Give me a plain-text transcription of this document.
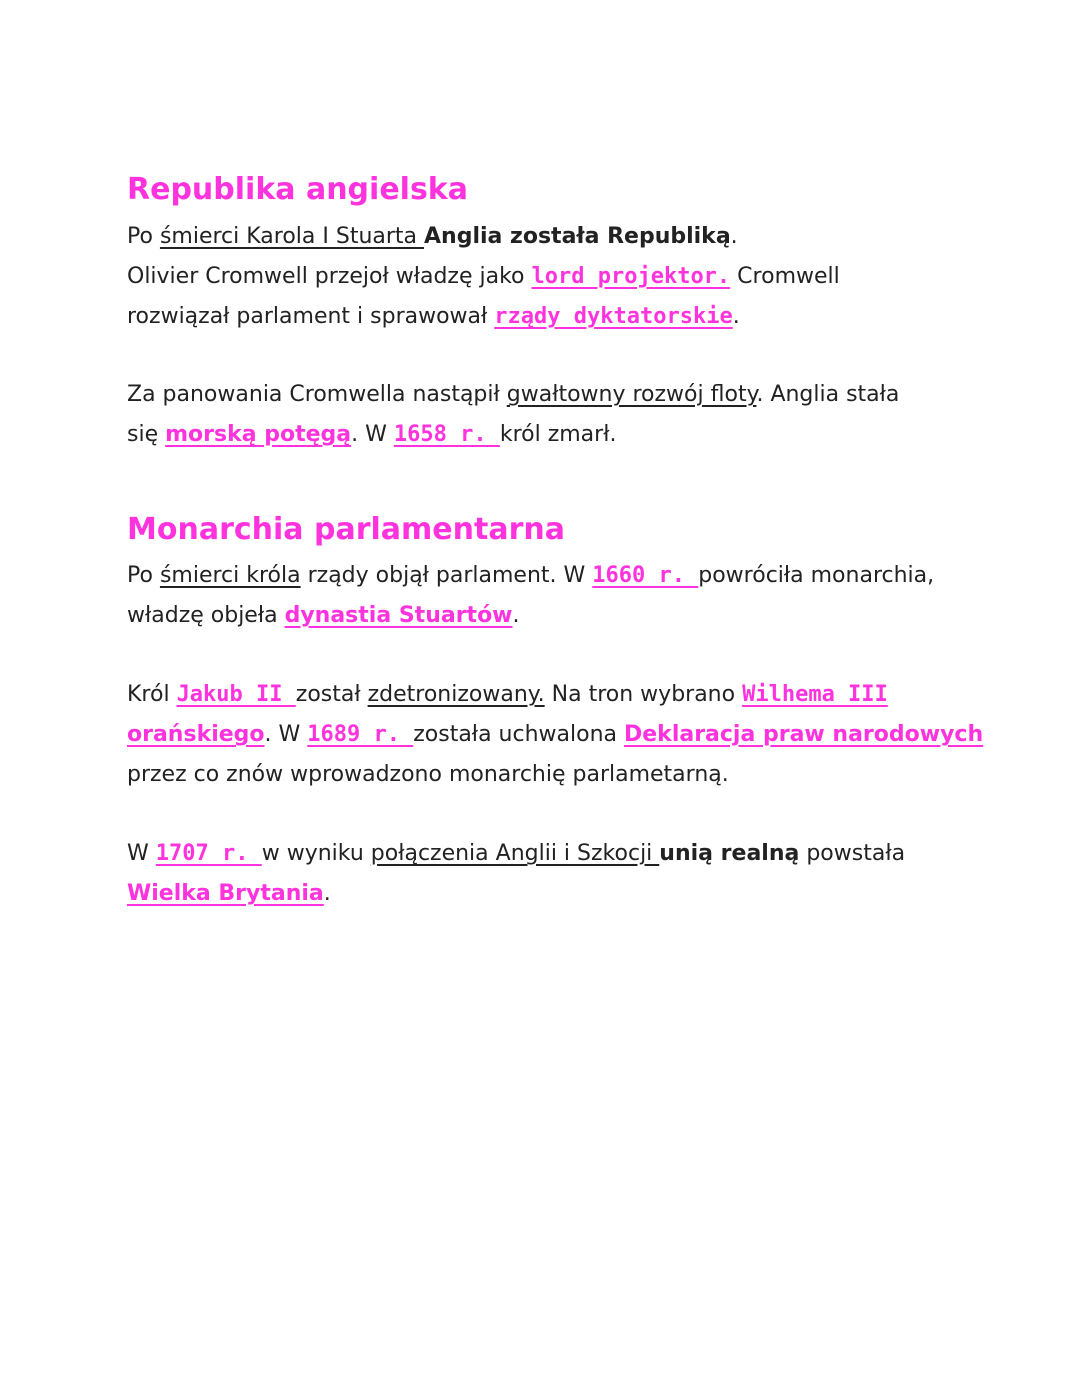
Republika angielska
Po śmierci Karola I Stuarta Anglia została Republiką.
Olivier Cromwell przejoł władzę jako lord projektor. Cromwell
rozwiązał parlament i sprawował rządy dyktatorskie.
Za panowania Cromwella nastąpił gwałtowny rozwój floty. Anglia stała
się morską potęgą. W 1658 r. król zmarł.
Monarchia parlamentarna
Po śmierci króla rządy objął parlament. W 1660 r. powróciła monarchia,
władzę objeła dynastia Stuartów.
Król Jakub II został zdetronizowany. Na tron wybrano Wilhema III
orańskiego. W 1689 r. została uchwalona Deklaracja praw narodowych
przez co znów wprowadzono monarchię parlametarną.
W 1707 r. w wyniku połączenia Anglii i Szkocji unią realną powstała
Wielka Brytania.
